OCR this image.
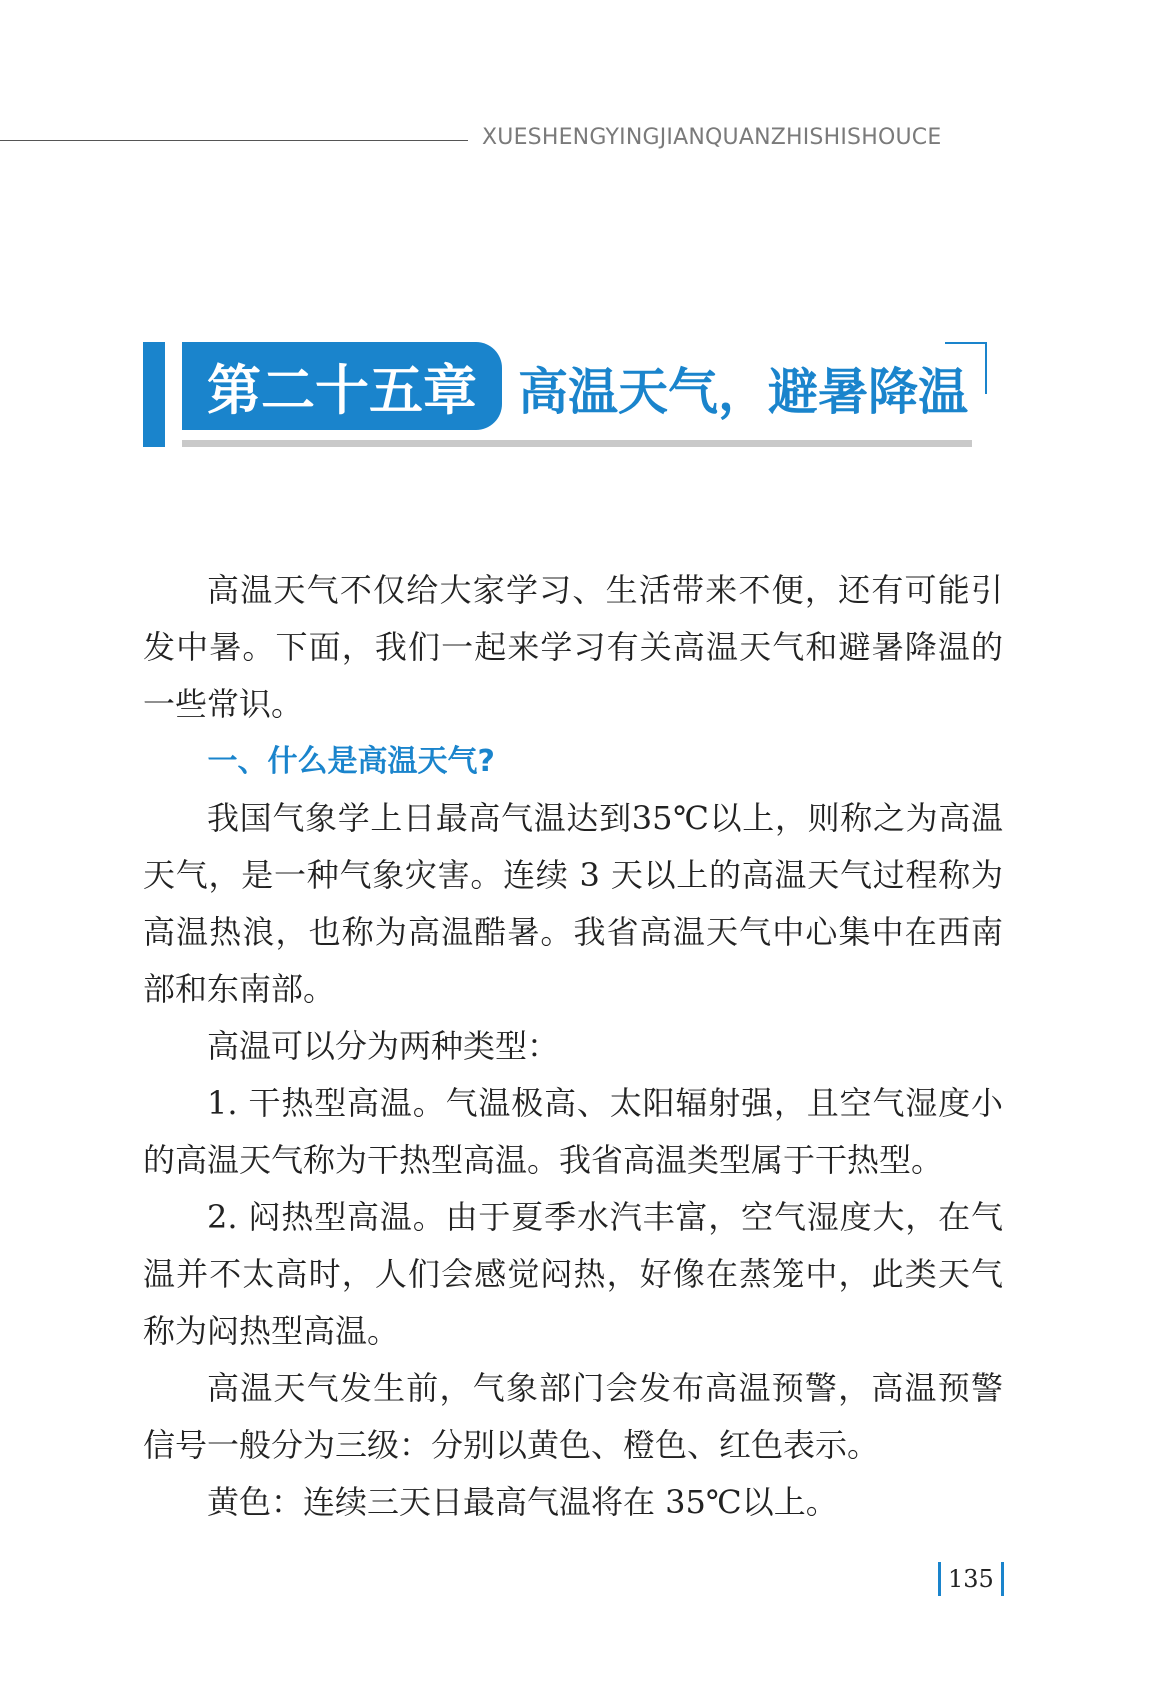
XUESHENGYINGJIANQUANZHISHISHOUCE
第二十五章 高温天气，避暑降温

高温天气不仅给大家学习、生活带来不便，还有可能引发中暑。下面，我们一起来学习有关高温天气和避暑降温的一些常识。

一、什么是高温天气?

我国气象学上日最高气温达到35℃以上，则称之为高温天气，是一种气象灾害。连续 3 天以上的高温天气过程称为高温热浪，也称为高温酷暑。我省高温天气中心集中在西南部和东南部。

高温可以分为两种类型：

1. 干热型高温。气温极高、太阳辐射强，且空气湿度小的高温天气称为干热型高温。我省高温类型属于干热型。

2. 闷热型高温。由于夏季水汽丰富，空气湿度大，在气温并不太高时，人们会感觉闷热，好像在蒸笼中，此类天气称为闷热型高温。

高温天气发生前，气象部门会发布高温预警，高温预警信号一般分为三级：分别以黄色、橙色、红色表示。

黄色：连续三天日最高气温将在 35℃以上。

135
